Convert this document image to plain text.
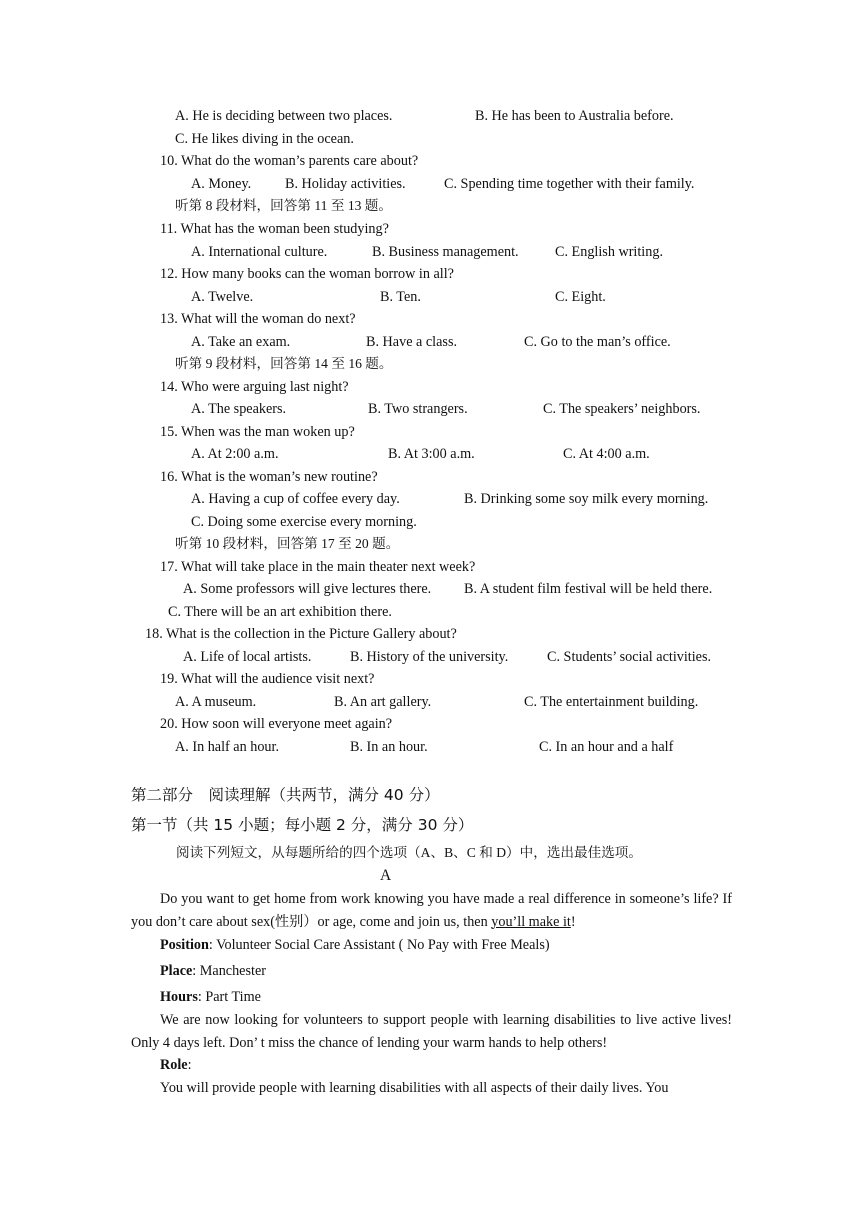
A. He is deciding between two places.	B. He has been to Australia before.
C. He likes diving in the ocean.
10. What do the woman’s parents care about?
A. Money. B. Holiday activities.	C. Spending time together with their family.
听第 8 段材料，回答第 11 至 13 题。
11. What has the woman been studying?
A. International culture.	B. Business management.	C. English writing.
12. How many books can the woman borrow in all?
A. Twelve.	B. Ten.	C. Eight.
13. What will the woman do next?
A. Take an exam.	B. Have a class.	C. Go to the man’s office.
听第 9 段材料，回答第 14 至 16 题。
14. Who were arguing last night?
A. The speakers.	B. Two strangers.	C. The speakers’ neighbors.
15. When was the man woken up?
A. At 2:00 a.m.	B. At 3:00 a.m.	C. At 4:00 a.m.
16. What is the woman’s new routine?
A. Having a cup of coffee every day.	B. Drinking some soy milk every morning.
C. Doing some exercise every morning.
听第 10 段材料，回答第 17 至 20 题。
17. What will take place in the main theater next week?
A. Some professors will give lectures there. B. A student film festival will be held there.
C. There will be an art exhibition there.
18. What is the collection in the Picture Gallery about?
A. Life of local artists.	B. History of the university.	C. Students’ social activities.
19. What will the audience visit next?
A. A museum.	B. An art gallery.	C. The entertainment building.
20. How soon will everyone meet again?
A. In half an hour.	B. In an hour.	C. In an hour and a half
第二部分　阅读理解（共两节，满分 40 分）
第一节（共 15 小题；每小题 2 分，满分 30 分）
阅读下列短文，从每题所给的四个选项（A、B、C 和 D）中，选出最佳选项。
A
Do you want to get home from work knowing you have made a real difference in someone’s life? If you don’t care about sex(性别）or age, come and join us, then you’ll make it!
Position: Volunteer Social Care Assistant ( No Pay with Free Meals)
Place: Manchester
Hours: Part Time
We are now looking for volunteers to support people with learning disabilities to live active lives! Only 4 days left. Don’ t miss the chance of lending your warm hands to help others!
Role:
You will provide people with learning disabilities with all aspects of their daily lives. You
